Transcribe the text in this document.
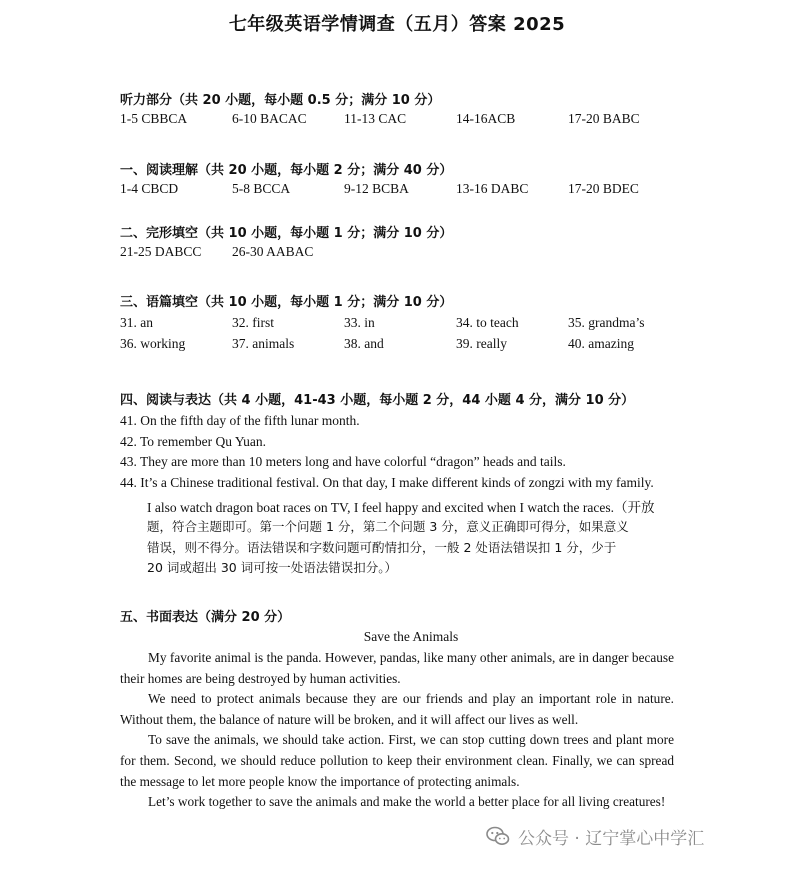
七年级英语学情调查（五月）答案 2025
听力部分（共 20 小题，每小题 0.5 分；满分 10 分）
1-5 CBBCA	6-10 BACAC	11-13 CAC	14-16ACB	17-20 BABC
一、阅读理解（共 20 小题，每小题 2 分；满分 40 分）
1-4 CBCD	5-8 BCCA	9-12 BCBA	13-16 DABC	17-20 BDEC
二、完形填空（共 10 小题，每小题 1 分；满分 10 分）
21-25 DABCC 26-30 AABAC
三、语篇填空（共 10 小题，每小题 1 分；满分 10 分）
31. an	32. first	33. in	34. to teach	35. grandma’s
36. working	37. animals	38. and	39. really	40. amazing
四、阅读与表达（共 4 小题，41-43 小题，每小题 2 分，44 小题 4 分，满分 10 分）
41. On the fifth day of the fifth lunar month.
42. To remember Qu Yuan.
43. They are more than 10 meters long and have colorful “dragon” heads and tails.
44. It’s a Chinese traditional festival. On that day, I make different kinds of zongzi with my family.
I also watch dragon boat races on TV, I feel happy and excited when I watch the races.（开放
题，符合主题即可。第一个问题 1 分，第二个问题 3 分，意义正确即可得分，如果意义
错误，则不得分。语法错误和字数问题可酌情扣分，一般 2 处语法错误扣 1 分，少于
20 词或超出 30 词可按一处语法错误扣分。）
五、书面表达（满分 20 分）
Save the Animals

My favorite animal is the panda. However, pandas, like many other animals, are in danger because their homes are being destroyed by human activities.

We need to protect animals because they are our friends and play an important role in nature. Without them, the balance of nature will be broken, and it will affect our lives as well.

To save the animals, we should take action. First, we can stop cutting down trees and plant more for them. Second, we should reduce pollution to keep their environment clean. Finally, we can spread the message to let more people know the importance of protecting animals.

Let’s work together to save the animals and make the world a better place for all living creatures!

公众号 · 辽宁掌心中学汇
